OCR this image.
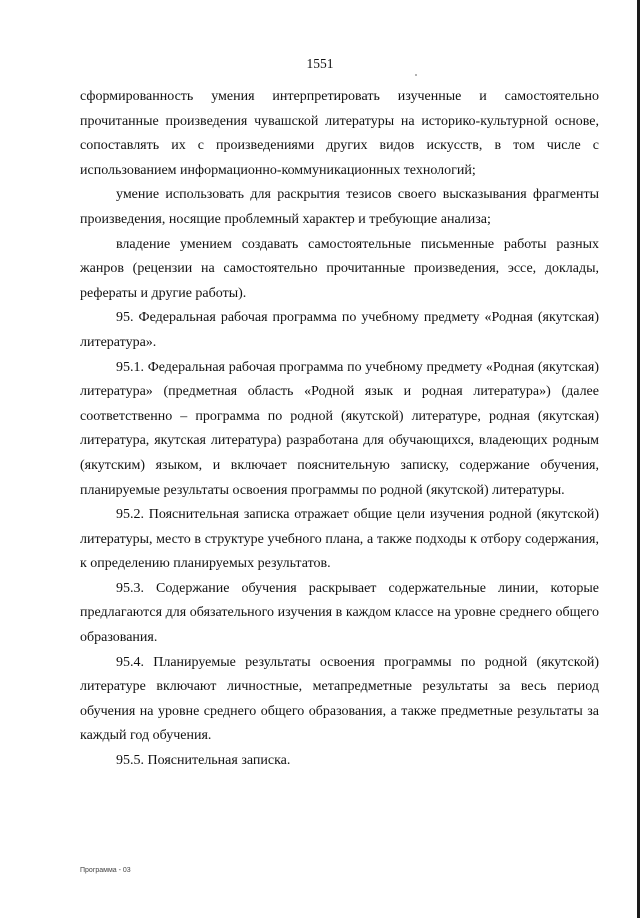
1551

сформированность умения интерпретировать изученные и самостоятельно прочитанные произведения чувашской литературы на историко-культурной основе, сопоставлять их с произведениями других видов искусств, в том числе с использованием информационно-коммуникационных технологий;

умение использовать для раскрытия тезисов своего высказывания фрагменты произведения, носящие проблемный характер и требующие анализа;

владение умением создавать самостоятельные письменные работы разных жанров (рецензии на самостоятельно прочитанные произведения, эссе, доклады, рефераты и другие работы).

95. Федеральная рабочая программа по учебному предмету «Родная (якутская) литература».

95.1. Федеральная рабочая программа по учебному предмету «Родная (якутская) литература» (предметная область «Родной язык и родная литература») (далее соответственно – программа по родной (якутской) литературе, родная (якутская) литература, якутская литература) разработана для обучающихся, владеющих родным (якутским) языком, и включает пояснительную записку, содержание обучения, планируемые результаты освоения программы по родной (якутской) литературы.

95.2. Пояснительная записка отражает общие цели изучения родной (якутской) литературы, место в структуре учебного плана, а также подходы к отбору содержания, к определению планируемых результатов.

95.3. Содержание обучения раскрывает содержательные линии, которые предлагаются для обязательного изучения в каждом классе на уровне среднего общего образования.

95.4. Планируемые результаты освоения программы по родной (якутской) литературе включают личностные, метапредметные результаты за весь период обучения на уровне среднего общего образования, а также предметные результаты за каждый год обучения.

95.5. Пояснительная записка.

Программа - 03
